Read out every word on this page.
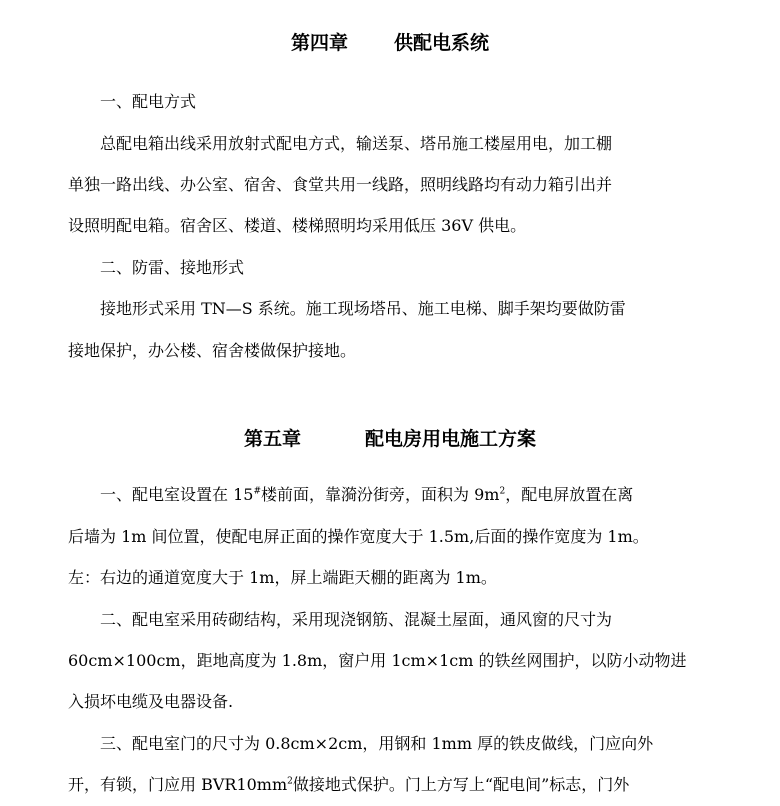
第四章 供配电系统
一、配电方式
总配电箱出线采用放射式配电方式，输送泵、塔吊施工楼屋用电，加工棚
单独一路出线、办公室、宿舍、食堂共用一线路，照明线路均有动力箱引出并
设照明配电箱。宿舍区、楼道、楼梯照明均采用低压 36V 供电。
二、防雷、接地形式
接地形式采用 TN—S 系统。施工现场塔吊、施工电梯、脚手架均要做防雷
接地保护，办公楼、宿舍楼做保护接地。
第五章	配电房用电施工方案
一、配电室设置在 15#楼前面，靠漪汾街旁，面积为 $9m^2$，配电屏放置在离
后墙为 1m 间位置，使配电屏正面的操作宽度大于 1.5m,后面的操作宽度为 1m。
左：右边的通道宽度大于 1m，屏上端距天棚的距离为 1m。
二、配电室采用砖砌结构，采用现浇钢筋、混凝土屋面，通风窗的尺寸为
60cm×100cm，距地高度为 1.8m，窗户用 1cm×1cm 的铁丝网围护，以防小动物进
入损坏电缆及电器设备.
三、配电室门的尺寸为 0.8cm×2cm，用钢和 1mm 厚的铁皮做线，门应向外
开，有锁，门应用 $BVR10mm^2$做接地式保护。门上方写上“配电间”标志，门外
